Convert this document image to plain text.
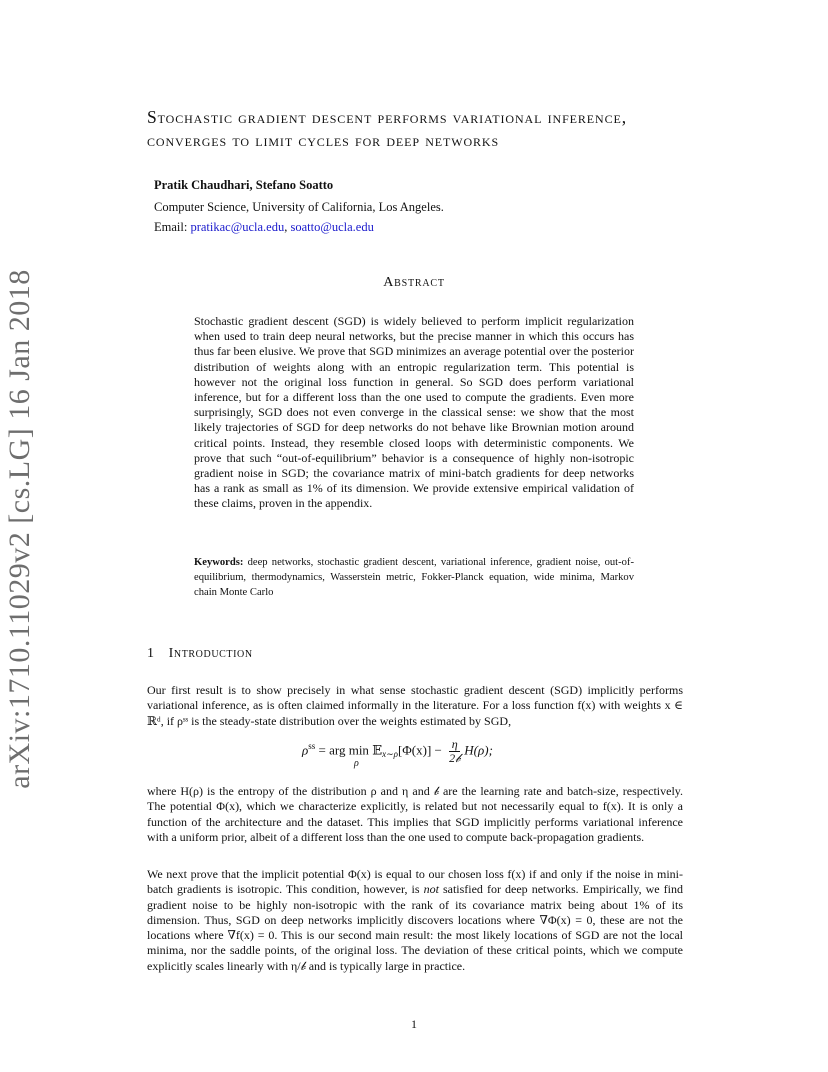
arXiv:1710.11029v2 [cs.LG] 16 Jan 2018
Stochastic gradient descent performs variational inference, converges to limit cycles for deep networks
Pratik Chaudhari, Stefano Soatto
Computer Science, University of California, Los Angeles.
Email: pratikac@ucla.edu, soatto@ucla.edu
Abstract

Stochastic gradient descent (SGD) is widely believed to perform implicit regularization when used to train deep neural networks, but the precise manner in which this occurs has thus far been elusive. We prove that SGD minimizes an average potential over the posterior distribution of weights along with an entropic regularization term. This potential is however not the original loss function in general. So SGD does perform variational inference, but for a different loss than the one used to compute the gradients. Even more surprisingly, SGD does not even converge in the classical sense: we show that the most likely trajectories of SGD for deep networks do not behave like Brownian motion around critical points. Instead, they resemble closed loops with deterministic components. We prove that such “out-of-equilibrium” behavior is a consequence of highly non-isotropic gradient noise in SGD; the covariance matrix of mini-batch gradients for deep networks has a rank as small as 1% of its dimension. We provide extensive empirical validation of these claims, proven in the appendix.

Keywords: deep networks, stochastic gradient descent, variational inference, gradient noise, out-of-equilibrium, thermodynamics, Wasserstein metric, Fokker-Planck equation, wide minima, Markov chain Monte Carlo

1 Introduction

Our first result is to show precisely in what sense stochastic gradient descent (SGD) implicitly performs variational inference, as is often claimed informally in the literature. For a loss function f(x) with weights x ∈ ℝᵈ, if ρˢˢ is the steady-state distribution over the weights estimated by SGD,

$\rho^{ss}$ = arg min 𝔼$_{x\sim\rho}$[Φ(x)] − $\frac{\eta}{\text{2𝒷}} H(\rho)$;
ρ

where H(ρ) is the entropy of the distribution ρ and η and 𝒷 are the learning rate and batch-size, respectively. The potential Φ(x), which we characterize explicitly, is related but not necessarily equal to f(x). It is only a function of the architecture and the dataset. This implies that SGD implicitly performs variational inference with a uniform prior, albeit of a different loss than the one used to compute back-propagation gradients.

We next prove that the implicit potential Φ(x) is equal to our chosen loss f(x) if and only if the noise in mini-batch gradients is isotropic. This condition, however, is not satisfied for deep networks. Empirically, we find gradient noise to be highly non-isotropic with the rank of its covariance matrix being about 1% of its dimension. Thus, SGD on deep networks implicitly discovers locations where ∇Φ(x) = 0, these are not the locations where ∇f(x) = 0. This is our second main result: the most likely locations of SGD are not the local minima, nor the saddle points, of the original loss. The deviation of these critical points, which we compute explicitly scales linearly with η/𝒷 and is typically large in practice.

1
